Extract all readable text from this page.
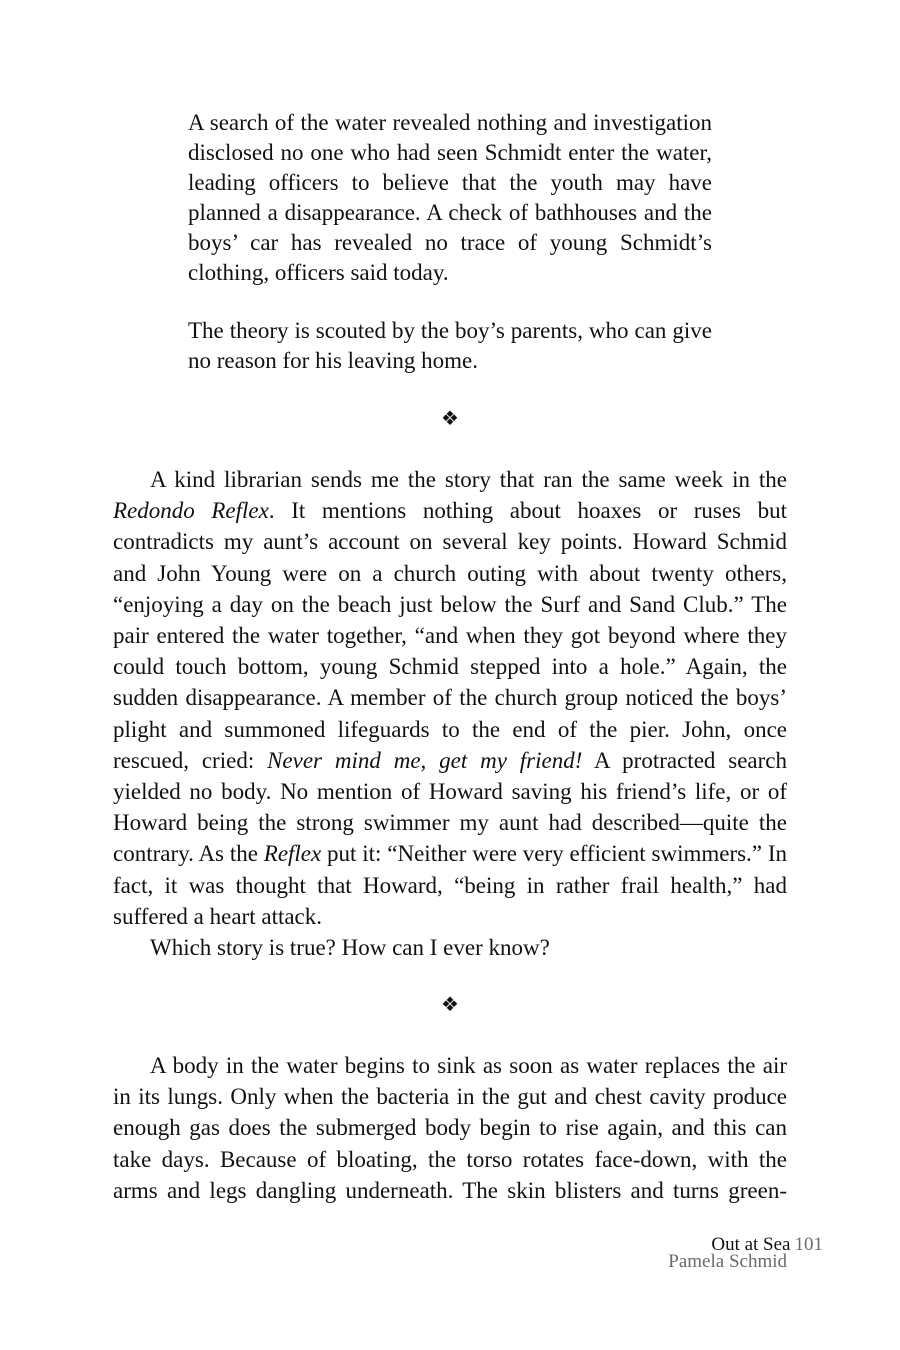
A search of the water revealed nothing and investigation disclosed no one who had seen Schmidt enter the water, leading officers to believe that the youth may have planned a disappearance. A check of bathhouses and the boys’ car has revealed no trace of young Schmidt’s clothing, officers said today.

The theory is scouted by the boy’s parents, who can give no reason for his leaving home.

❖

A kind librarian sends me the story that ran the same week in the Redondo Reflex. It mentions nothing about hoaxes or ruses but contradicts my aunt’s account on several key points. Howard Schmid and John Young were on a church outing with about twenty others, “enjoying a day on the beach just below the Surf and Sand Club.” The pair entered the water together, “and when they got beyond where they could touch bottom, young Schmid stepped into a hole.” Again, the sudden disappearance. A member of the church group noticed the boys’ plight and summoned lifeguards to the end of the pier. John, once rescued, cried: Never mind me, get my friend! A protracted search yielded no body. No mention of Howard saving his friend’s life, or of Howard being the strong swimmer my aunt had described—quite the contrary. As the Reflex put it: “Neither were very efficient swimmers.” In fact, it was thought that Howard, “being in rather frail health,” had suffered a heart attack.

Which story is true? How can I ever know?

❖

A body in the water begins to sink as soon as water replaces the air in its lungs. Only when the bacteria in the gut and chest cavity produce enough gas does the submerged body begin to rise again, and this can take days. Because of bloating, the torso rotates face-down, with the arms and legs dangling underneath. The skin blisters and turns green-

Out at Sea 101
Pamela Schmid
